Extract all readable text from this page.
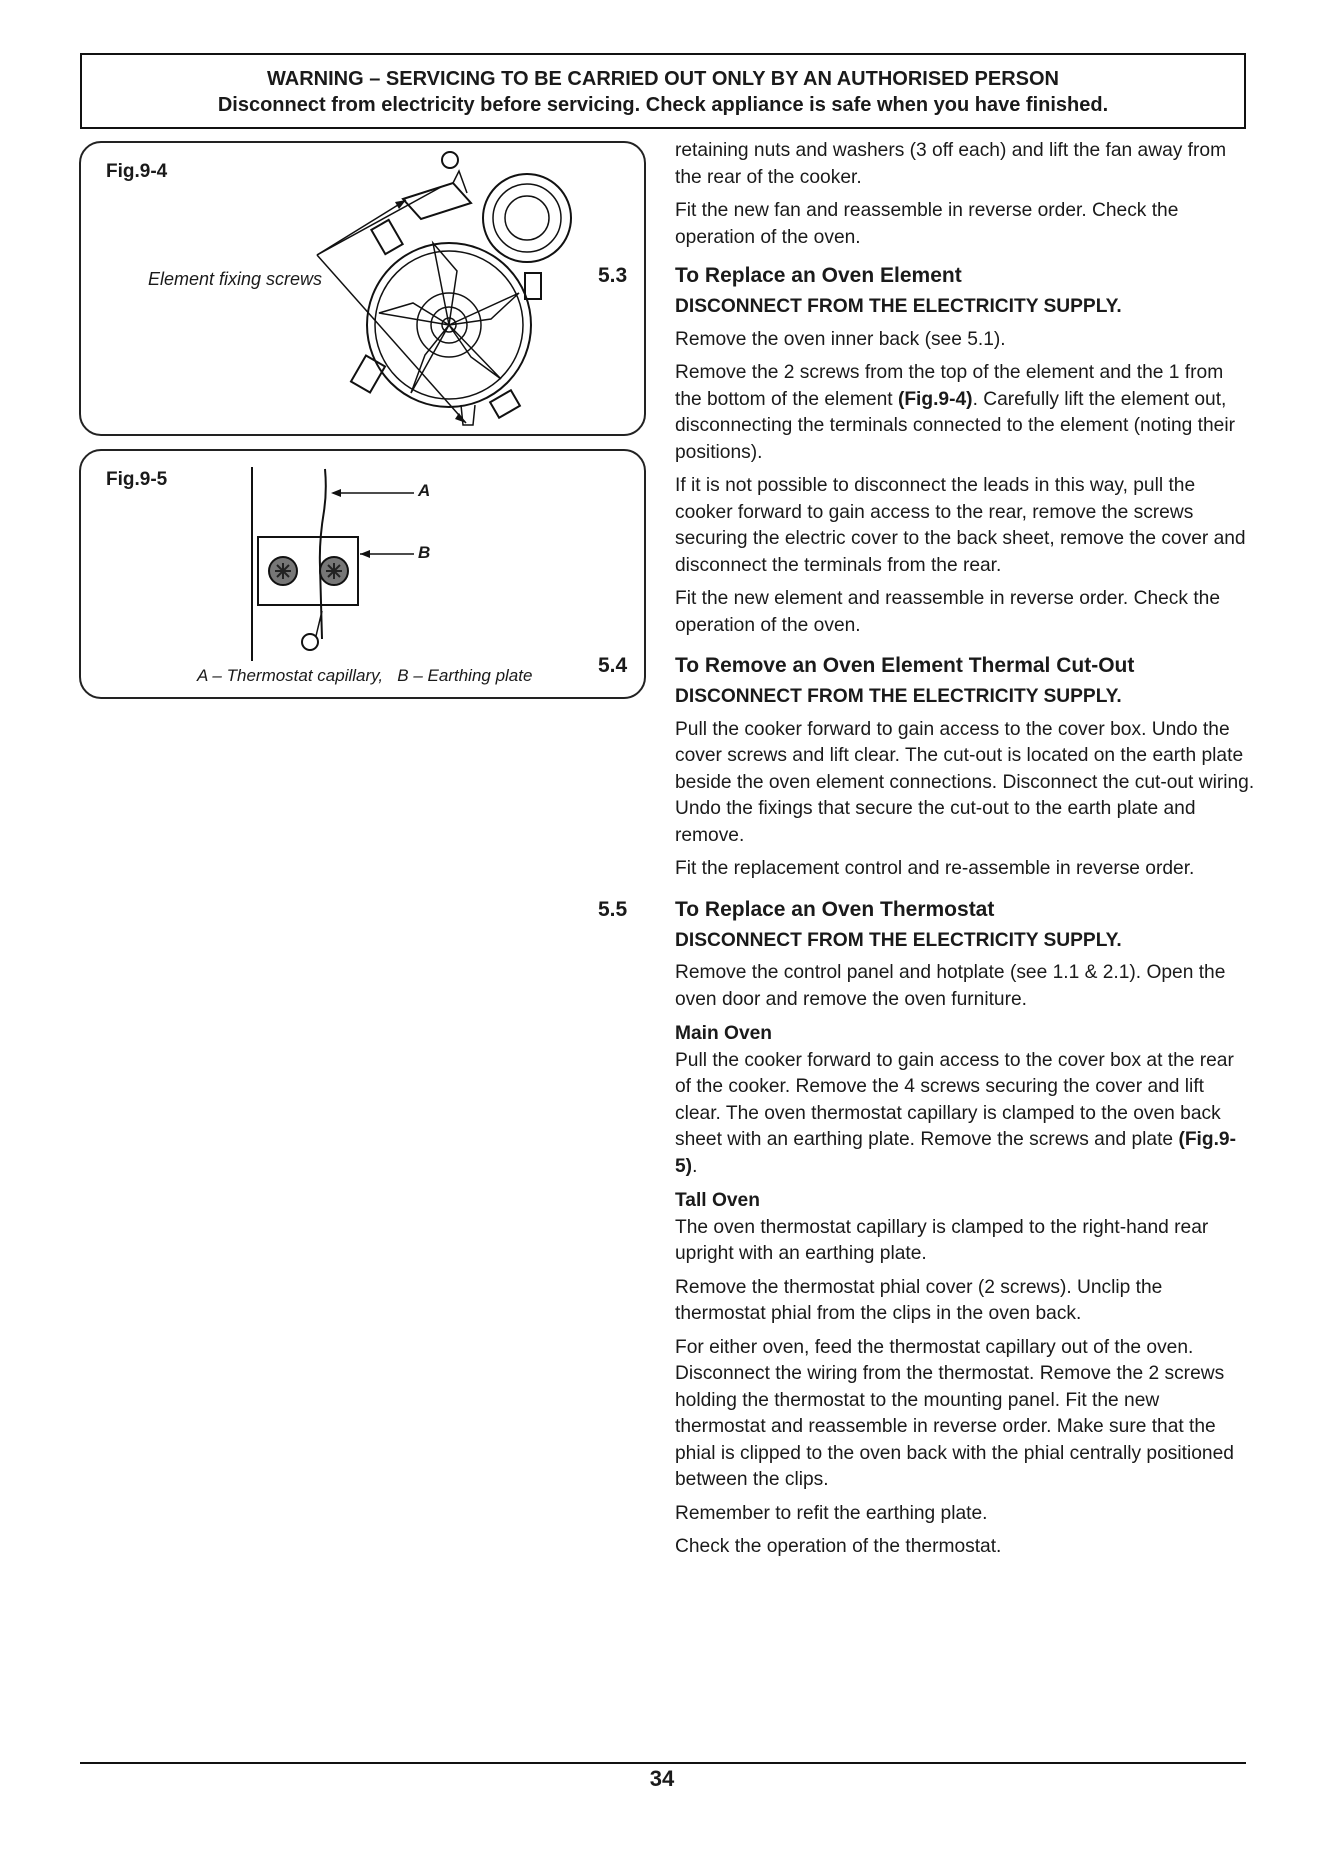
WARNING – SERVICING TO BE CARRIED OUT ONLY BY AN AUTHORISED PERSON
Disconnect from electricity before servicing. Check appliance is safe when you have finished.
Fig.9-4
Element fixing screws
Fig.9-5
A
B
A – Thermostat capillary,   B – Earthing plate

retaining nuts and washers (3 off each) and lift the fan away from the rear of the cooker.

Fit the new fan and reassemble in reverse order. Check the operation of the oven.

5.3 To Replace an Oven Element
DISCONNECT FROM THE ELECTRICITY SUPPLY.

Remove the oven inner back (see 5.1).

Remove the 2 screws from the top of the element and the 1 from the bottom of the element (Fig.9-4). Carefully lift the element out, disconnecting the terminals connected to the element (noting their positions).

If it is not possible to disconnect the leads in this way, pull the cooker forward to gain access to the rear, remove the screws securing the electric cover to the back sheet, remove the cover and disconnect the terminals from the rear.

Fit the new element and reassemble in reverse order. Check the operation of the oven.

5.4 To Remove an Oven Element Thermal Cut-Out
DISCONNECT FROM THE ELECTRICITY SUPPLY.

Pull the cooker forward to gain access to the cover box. Undo the cover screws and lift clear. The cut-out is located on the earth plate beside the oven element connections. Disconnect the cut-out wiring. Undo the fixings that secure the cut-out to the earth plate and remove.

Fit the replacement control and re-assemble in reverse order.

5.5 To Replace an Oven Thermostat
DISCONNECT FROM THE ELECTRICITY SUPPLY.

Remove the control panel and hotplate (see 1.1 & 2.1). Open the oven door and remove the oven furniture.

Main Oven

Pull the cooker forward to gain access to the cover box at the rear of the cooker. Remove the 4 screws securing the cover and lift clear. The oven thermostat capillary is clamped to the oven back sheet with an earthing plate. Remove the screws and plate (Fig.9-5).

Tall Oven

The oven thermostat capillary is clamped to the right-hand rear upright with an earthing plate.

Remove the thermostat phial cover (2 screws). Unclip the thermostat phial from the clips in the oven back.

For either oven, feed the thermostat capillary out of the oven. Disconnect the wiring from the thermostat. Remove the 2 screws holding the thermostat to the mounting panel. Fit the new thermostat and reassemble in reverse order. Make sure that the phial is clipped to the oven back with the phial centrally positioned between the clips.

Remember to refit the earthing plate.

Check the operation of the thermostat.

34
